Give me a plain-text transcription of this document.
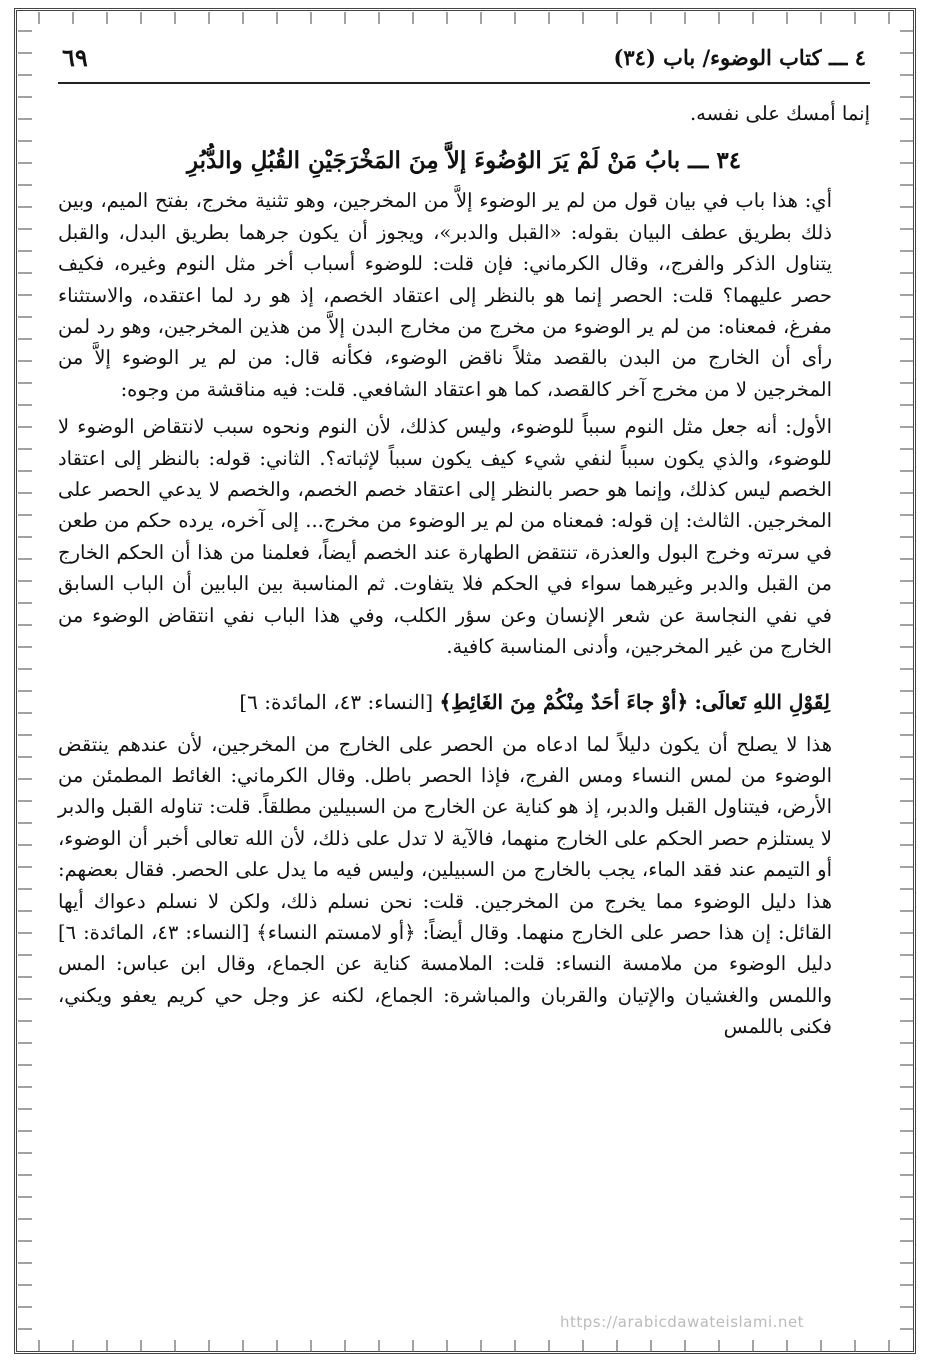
٤ ـــ كتاب الوضوء/ باب (٣٤)
٦٩

إنما أمسك على نفسه.

٣٤ ـــ بابُ مَنْ لَمْ يَرَ الوُضُوءَ إلاَّ مِنَ المَخْرَجَيْنِ القُبُلِ والدُّبُرِ

أي: هذا باب في بيان قول من لم ير الوضوء إلاَّ من المخرجين، وهو تثنية مخرج، بفتح الميم، وبين ذلك بطريق عطف البيان بقوله: «القبل والدبر»، ويجوز أن يكون جرهما بطريق البدل، والقبل يتناول الذكر والفرج،، وقال الكرماني: فإن قلت: للوضوء أسباب أخر مثل النوم وغيره، فكيف حصر عليهما؟ قلت: الحصر إنما هو بالنظر إلى اعتقاد الخصم، إذ هو رد لما اعتقده، والاستثناء مفرغ، فمعناه: من لم ير الوضوء من مخرج من مخارج البدن إلاَّ من هذين المخرجين، وهو رد لمن رأى أن الخارج من البدن بالقصد مثلاً ناقض الوضوء، فكأنه قال: من لم ير الوضوء إلاَّ من المخرجين لا من مخرج آخر كالقصد، كما هو اعتقاد الشافعي. قلت: فيه مناقشة من وجوه:

الأول: أنه جعل مثل النوم سبباً للوضوء، وليس كذلك، لأن النوم ونحوه سبب لانتقاض الوضوء لا للوضوء، والذي يكون سبباً لنفي شيء كيف يكون سبباً لإثباته؟. الثاني: قوله: بالنظر إلى اعتقاد الخصم ليس كذلك، وإنما هو حصر بالنظر إلى اعتقاد خصم الخصم، والخصم لا يدعي الحصر على المخرجين. الثالث: إن قوله: فمعناه من لم ير الوضوء من مخرج... إلى آخره، يرده حكم من طعن في سرته وخرج البول والعذرة، تنتقض الطهارة عند الخصم أيضاً، فعلمنا من هذا أن الحكم الخارج من القبل والدبر وغيرهما سواء في الحكم فلا يتفاوت. ثم المناسبة بين البابين أن الباب السابق في نفي النجاسة عن شعر الإنسان وعن سؤر الكلب، وفي هذا الباب نفي انتقاض الوضوء من الخارج من غير المخرجين، وأدنى المناسبة كافية.

لِقَوْلِ اللهِ تَعالَى: ﴿أوْ جاءَ أحَدٌ مِنْكُمْ مِنَ الغَائِطِ﴾ [النساء: ٤٣، المائدة: ٦]

هذا لا يصلح أن يكون دليلاً لما ادعاه من الحصر على الخارج من المخرجين، لأن عندهم ينتقض الوضوء من لمس النساء ومس الفرج، فإذا الحصر باطل. وقال الكرماني: الغائط المطمئن من الأرض، فيتناول القبل والدبر، إذ هو كناية عن الخارج من السبيلين مطلقاً. قلت: تناوله القبل والدبر لا يستلزم حصر الحكم على الخارج منهما، فالآية لا تدل على ذلك، لأن الله تعالى أخبر أن الوضوء، أو التيمم عند فقد الماء، يجب بالخارج من السبيلين، وليس فيه ما يدل على الحصر. فقال بعضهم: هذا دليل الوضوء مما يخرج من المخرجين. قلت: نحن نسلم ذلك، ولكن لا نسلم دعواك أيها القائل: إن هذا حصر على الخارج منهما. وقال أيضاً: ﴿أو لامستم النساء﴾ [النساء: ٤٣، المائدة: ٦] دليل الوضوء من ملامسة النساء: قلت: الملامسة كناية عن الجماع، وقال ابن عباس: المس واللمس والغشيان والإتيان والقربان والمباشرة: الجماع، لكنه عز وجل حي كريم يعفو ويكني، فكنى باللمس

https://arabicdawateislami.net
